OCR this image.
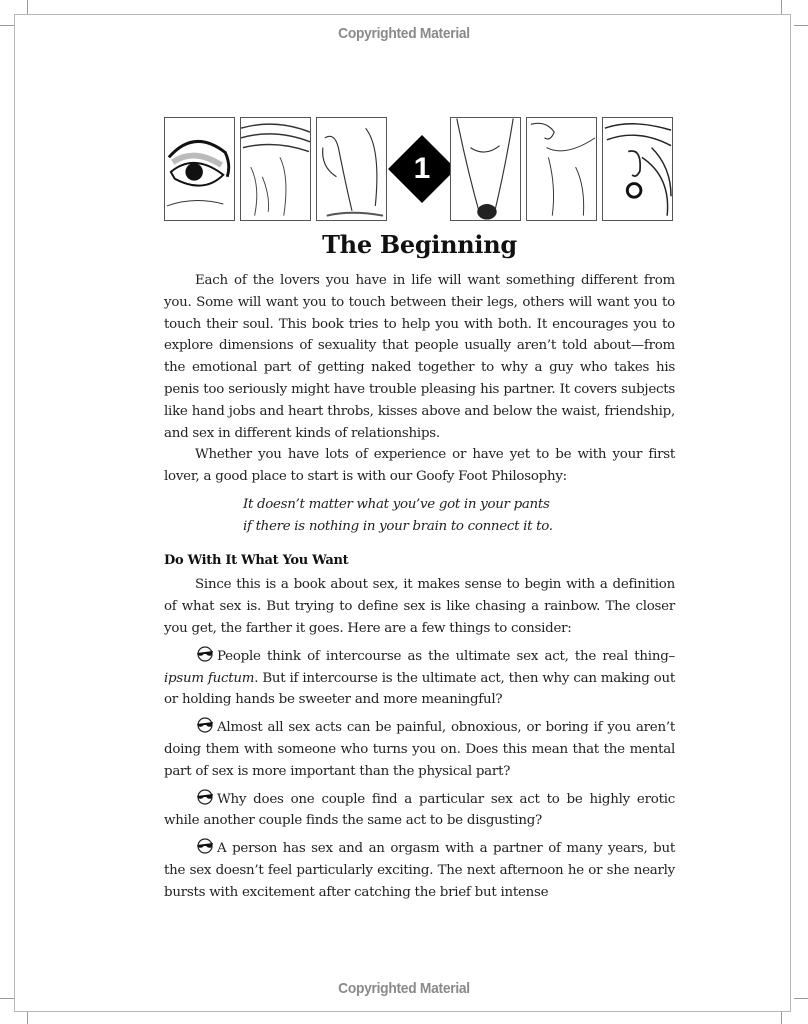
Copyrighted Material
1
The Beginning

Each of the lovers you have in life will want something different from you. Some will want you to touch between their legs, others will want you to touch their soul. This book tries to help you with both. It encourages you to explore dimensions of sexuality that people usually aren’t told about—from the emotional part of getting naked together to why a guy who takes his penis too seriously might have trouble pleasing his partner. It covers subjects like hand jobs and heart throbs, kisses above and below the waist, friendship, and sex in different kinds of relationships.

Whether you have lots of experience or have yet to be with your first lover, a good place to start is with our Goofy Foot Philosophy:

It doesn’t matter what you’ve got in your pants
if there is nothing in your brain to connect it to.
Do With It What You Want

Since this is a book about sex, it makes sense to begin with a definition of what sex is. But trying to define sex is like chasing a rainbow. The closer you get, the farther it goes. Here are a few things to consider:

People think of intercourse as the ultimate sex act, the real thing–ipsum fuctum. But if intercourse is the ultimate act, then why can making out or holding hands be sweeter and more meaningful?

Almost all sex acts can be painful, obnoxious, or boring if you aren’t doing them with someone who turns you on. Does this mean that the mental part of sex is more important than the physical part?

Why does one couple find a particular sex act to be highly erotic while another couple finds the same act to be disgusting?

A person has sex and an orgasm with a partner of many years, but the sex doesn’t feel particularly exciting. The next afternoon he or she nearly bursts with excitement after catching the brief but intense

Copyrighted Material
